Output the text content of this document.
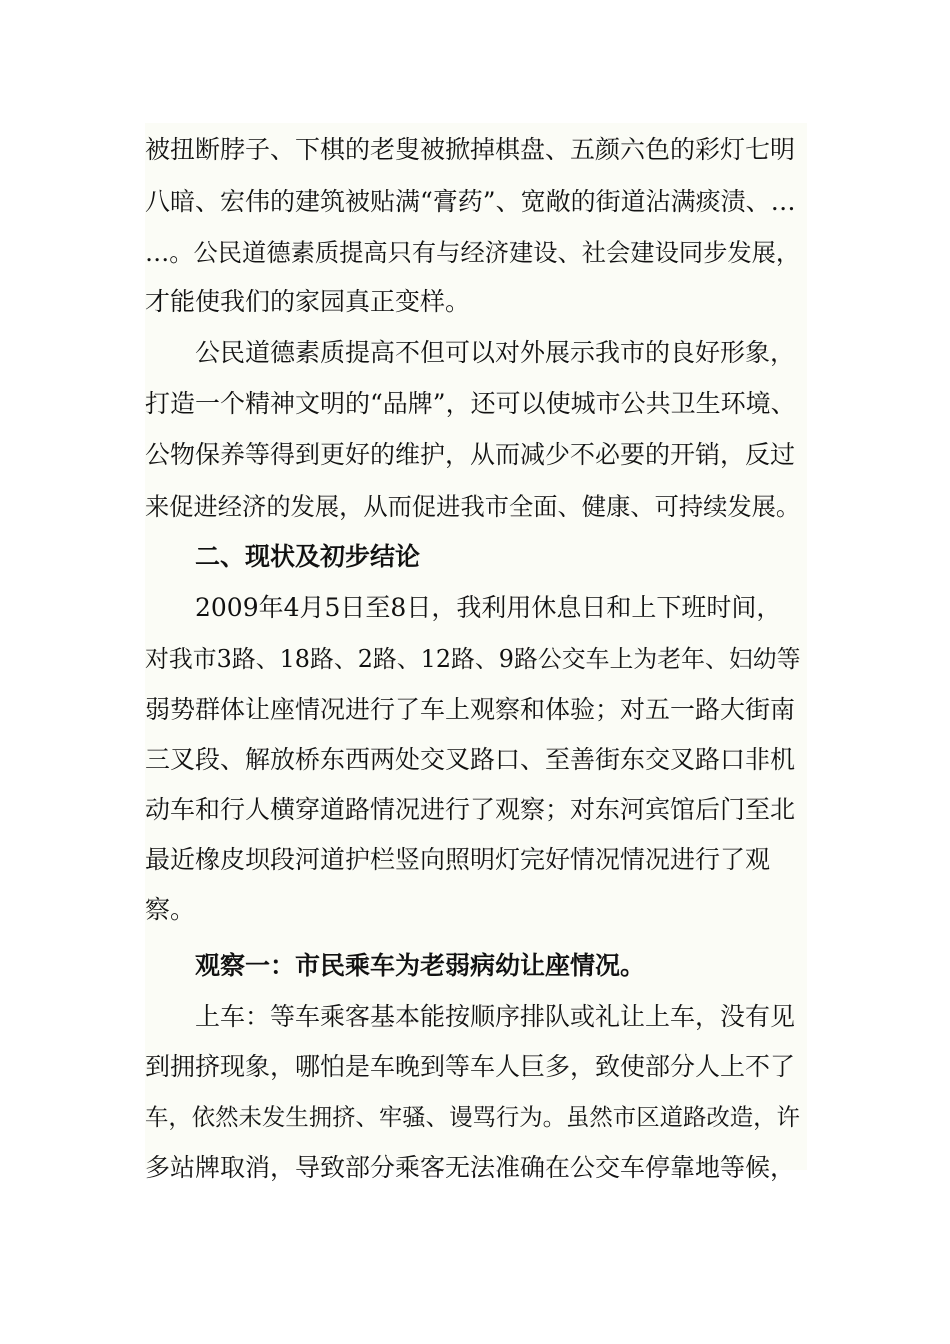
被扭断脖子、下棋的老叟被掀掉棋盘、五颜六色的彩灯七明
八暗、宏伟的建筑被贴满“膏药”、宽敞的街道沾满痰渍、…
…。公民道德素质提高只有与经济建设、社会建设同步发展，
才能使我们的家园真正变样。
公民道德素质提高不但可以对外展示我市的良好形象，
打造一个精神文明的“品牌”，还可以使城市公共卫生环境、
公物保养等得到更好的维护，从而减少不必要的开销，反过
来促进经济的发展，从而促进我市全面、健康、可持续发展。
二、现状及初步结论
2009年4月5日至8日，我利用休息日和上下班时间，
对我市3路、18路、2路、12路、9路公交车上为老年、妇幼等
弱势群体让座情况进行了车上观察和体验；对五一路大街南
三叉段、解放桥东西两处交叉路口、至善街东交叉路口非机
动车和行人横穿道路情况进行了观察；对东河宾馆后门至北
最近橡皮坝段河道护栏竖向照明灯完好情况情况进行了观
察。
观察一：市民乘车为老弱病幼让座情况。
上车：等车乘客基本能按顺序排队或礼让上车，没有见
到拥挤现象，哪怕是车晚到等车人巨多，致使部分人上不了
车，依然未发生拥挤、牢骚、谩骂行为。虽然市区道路改造，许
多站牌取消，导致部分乘客无法准确在公交车停靠地等候，
